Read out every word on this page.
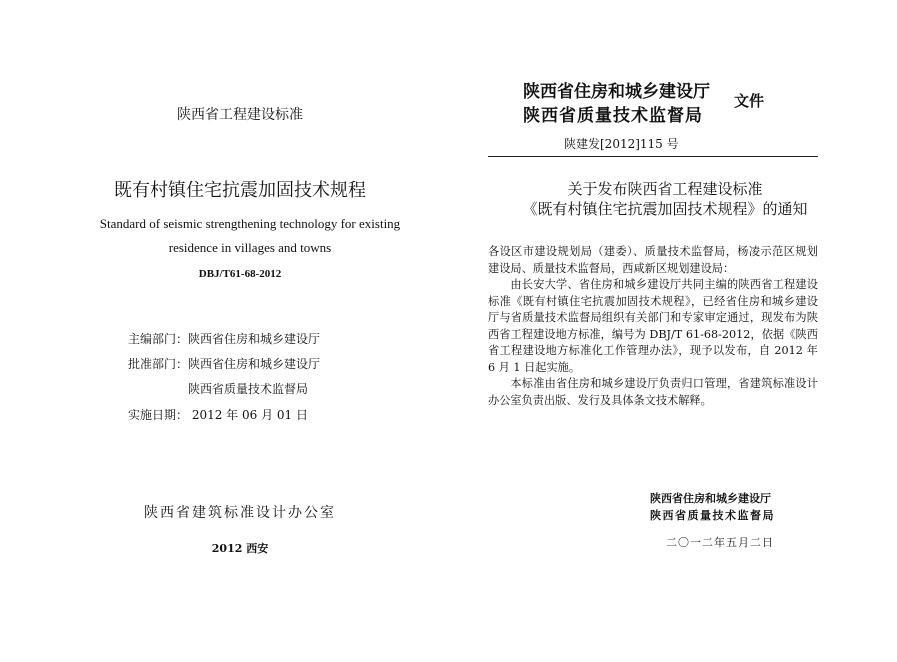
陕西省工程建设标准
既有村镇住宅抗震加固技术规程
Standard of seismic strengthening technology for existing
residence in villages and towns
DBJ/T61-68-2012
主编部门：陕西省住房和城乡建设厅
批准部门：陕西省住房和城乡建设厅
陕西省质量技术监督局
实施日期： 2012 年 06 月 01 日
陕西省建筑标准设计办公室
2012 西安
陕西省住房和城乡建设厅
陕西省质量技术监督局
文件
陕建发[2012]115 号
关于发布陕西省工程建设标准
《既有村镇住宅抗震加固技术规程》的通知

各设区市建设规划局（建委）、质量技术监督局，杨凌示范区规划建设局、质量技术监督局，西咸新区规划建设局：

由长安大学、省住房和城乡建设厅共同主编的陕西省工程建设标准《既有村镇住宅抗震加固技术规程》，已经省住房和城乡建设厅与省质量技术监督局组织有关部门和专家审定通过，现发布为陕西省工程建设地方标准，编号为 DBJ/T 61-68-2012，依据《陕西省工程建设地方标准化工作管理办法》，现予以发布，自 2012 年 6 月 1 日起实施。

本标准由省住房和城乡建设厅负责归口管理，省建筑标准设计办公室负责出版、发行及具体条文技术解释。

陕西省住房和城乡建设厅
陕西省质量技术监督局
二〇一二年五月二日
